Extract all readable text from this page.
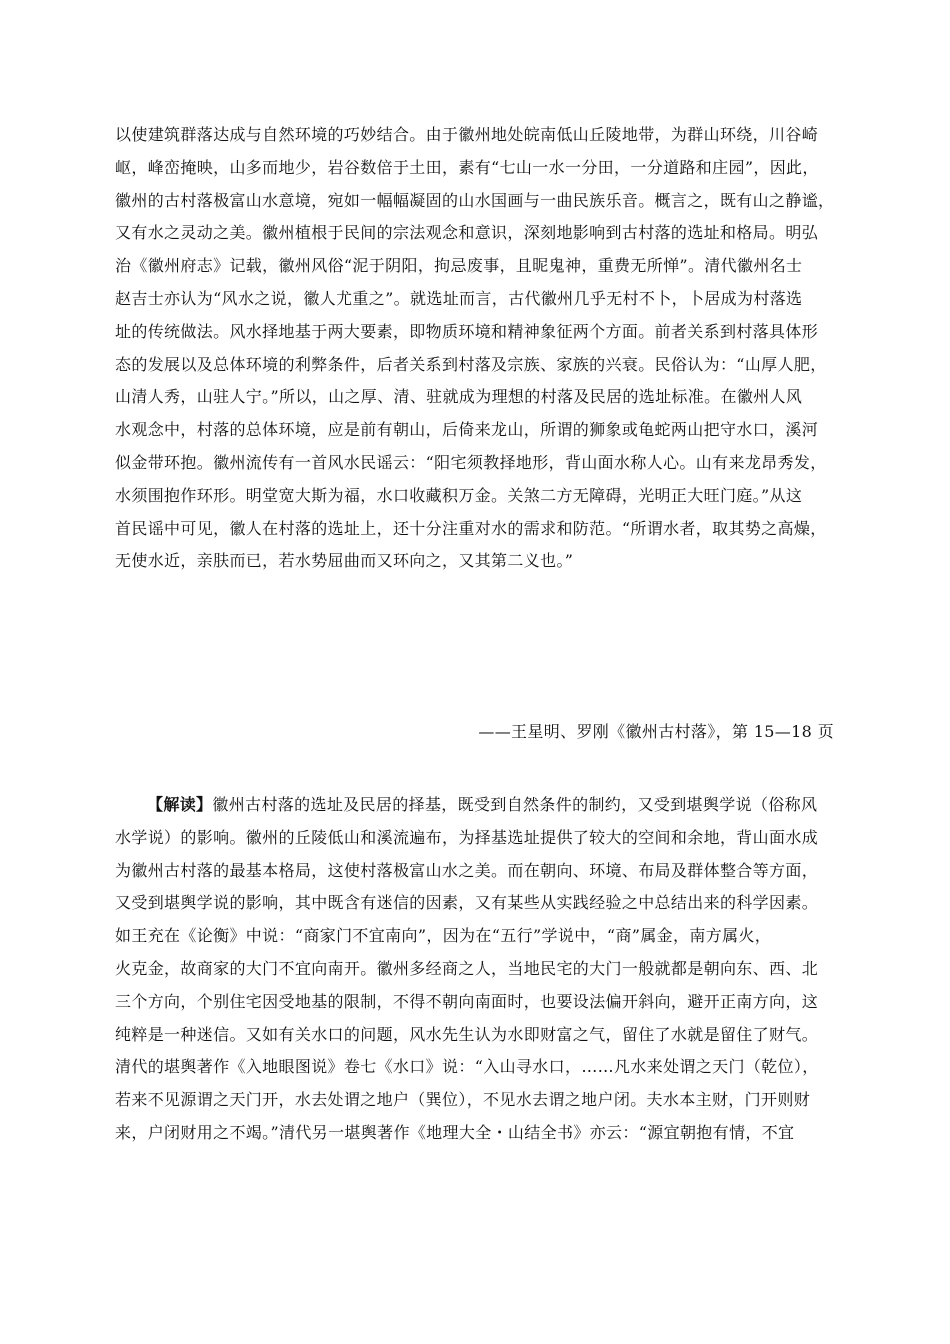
以使建筑群落达成与自然环境的巧妙结合。由于徽州地处皖南低山丘陵地带，为群山环绕，川谷崎
岖，峰峦掩映，山多而地少，岩谷数倍于土田，素有“七山一水一分田，一分道路和庄园”，因此，
徽州的古村落极富山水意境，宛如一幅幅凝固的山水国画与一曲民族乐音。概言之，既有山之静谧，
又有水之灵动之美。徽州植根于民间的宗法观念和意识，深刻地影响到古村落的选址和格局。明弘
治《徽州府志》记载，徽州风俗“泥于阴阳，拘忌废事，且昵鬼神，重费无所惮”。清代徽州名士
赵吉士亦认为“风水之说，徽人尤重之”。就选址而言，古代徽州几乎无村不卜，卜居成为村落选
址的传统做法。风水择地基于两大要素，即物质环境和精神象征两个方面。前者关系到村落具体形
态的发展以及总体环境的利弊条件，后者关系到村落及宗族、家族的兴衰。民俗认为：“山厚人肥，
山清人秀，山驻人宁。”所以，山之厚、清、驻就成为理想的村落及民居的选址标准。在徽州人风
水观念中，村落的总体环境，应是前有朝山，后倚来龙山，所谓的狮象或龟蛇两山把守水口，溪河
似金带环抱。徽州流传有一首风水民谣云：“阳宅须教择地形，背山面水称人心。山有来龙昂秀发，
水须围抱作环形。明堂宽大斯为福，水口收藏积万金。关煞二方无障碍，光明正大旺门庭。”从这
首民谣中可见，徽人在村落的选址上，还十分注重对水的需求和防范。“所谓水者，取其势之高燥，
无使水近，亲肤而已，若水势屈曲而又环向之，又其第二义也。”
——王星明、罗刚《徽州古村落》，第 15—18 页
【解读】徽州古村落的选址及民居的择基，既受到自然条件的制约，又受到堪舆学说（俗称风
水学说）的影响。徽州的丘陵低山和溪流遍布，为择基选址提供了较大的空间和余地，背山面水成
为徽州古村落的最基本格局，这使村落极富山水之美。而在朝向、环境、布局及群体整合等方面，
又受到堪舆学说的影响，其中既含有迷信的因素，又有某些从实践经验之中总结出来的科学因素。
如王充在《论衡》中说：“商家门不宜南向”，因为在“五行”学说中，“商”属金，南方属火，
火克金，故商家的大门不宜向南开。徽州多经商之人，当地民宅的大门一般就都是朝向东、西、北
三个方向，个别住宅因受地基的限制，不得不朝向南面时，也要设法偏开斜向，避开正南方向，这
纯粹是一种迷信。又如有关水口的问题，风水先生认为水即财富之气，留住了水就是留住了财气。
清代的堪舆著作《入地眼图说》卷七《水口》说：“入山寻水口，……凡水来处谓之天门（乾位），
若来不见源谓之天门开，水去处谓之地户（巽位），不见水去谓之地户闭。夫水本主财，门开则财
来，户闭财用之不竭。”清代另一堪舆著作《地理大全・山结全书》亦云：“源宜朝抱有情，不宜
